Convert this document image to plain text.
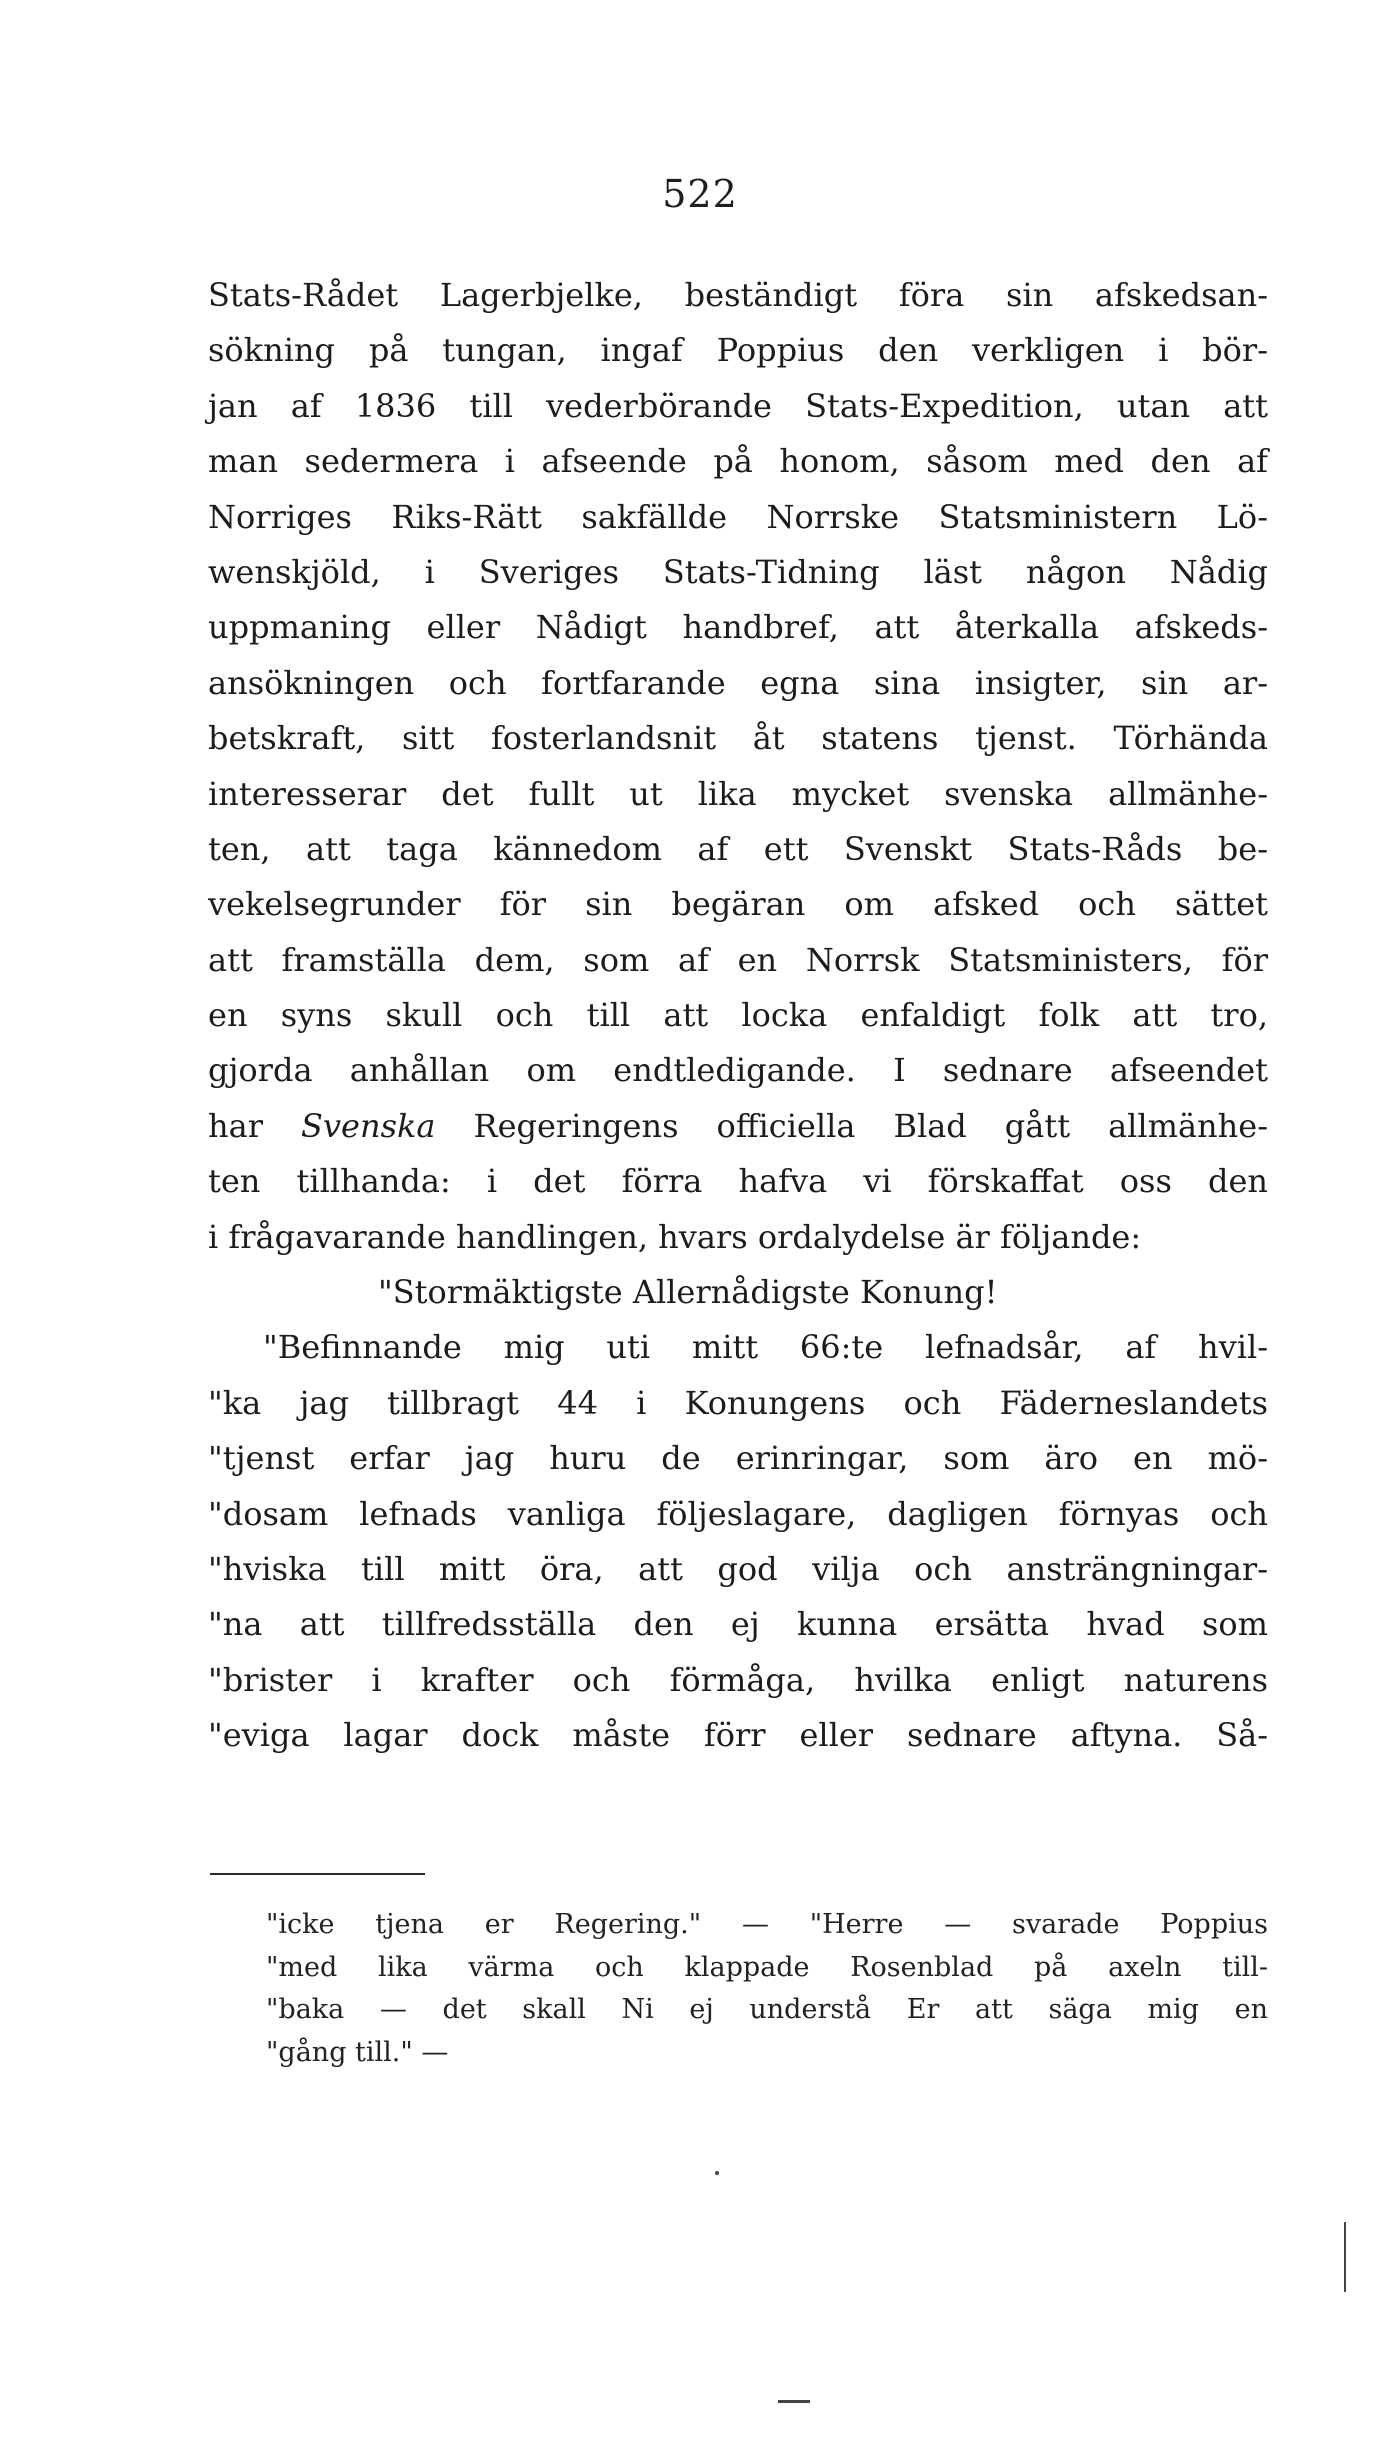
522
Stats-Rådet Lagerbjelke, beständigt föra sin afskedsan-
sökning på tungan, ingaf Poppius den verkligen i bör-
jan af 1836 till vederbörande Stats-Expedition, utan att
man sedermera i afseende på honom, såsom med den af
Norriges Riks-Rätt sakfällde Norrske Statsministern Lö-
wenskjöld, i Sveriges Stats-Tidning läst någon Nådig
uppmaning eller Nådigt handbref, att återkalla afskeds-
ansökningen och fortfarande egna sina insigter, sin ar-
betskraft, sitt fosterlandsnit åt statens tjenst. Törhända
interesserar det fullt ut lika mycket svenska allmänhe-
ten, att taga kännedom af ett Svenskt Stats-Råds be-
vekelsegrunder för sin begäran om afsked och sättet
att framställa dem, som af en Norrsk Statsministers, för
en syns skull och till att locka enfaldigt folk att tro,
gjorda anhållan om endtledigande. I sednare afseendet
har Svenska Regeringens officiella Blad gått allmänhe-
ten tillhanda: i det förra hafva vi förskaffat oss den
i frågavarande handlingen, hvars ordalydelse är följande:
"Stormäktigste Allernådigste Konung!
"Befinnande mig uti mitt 66:te lefnadsår, af hvil-
"ka jag tillbragt 44 i Konungens och Fäderneslandets
"tjenst erfar jag huru de erinringar, som äro en mö-
"dosam lefnads vanliga följeslagare, dagligen förnyas och
"hviska till mitt öra, att god vilja och ansträngningar-
"na att tillfredsställa den ej kunna ersätta hvad som
"brister i krafter och förmåga, hvilka enligt naturens
"eviga lagar dock måste förr eller sednare aftyna. Så-
"icke tjena er Regering." — "Herre — svarade Poppius
"med lika värma och klappade Rosenblad på axeln till-
"baka — det skall Ni ej understå Er att säga mig en
"gång till." —
